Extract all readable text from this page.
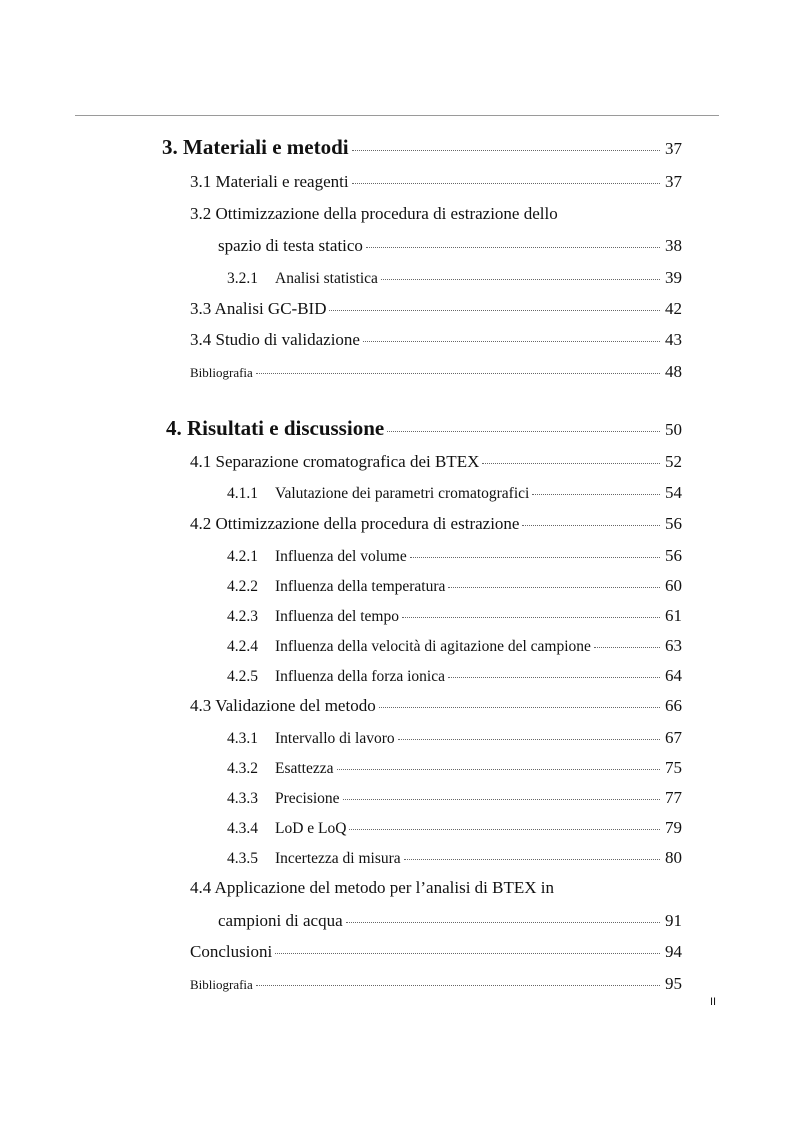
3. Materiali e metodi	37
3.1 Materiali e reagenti	37
3.2 Ottimizzazione della procedura di estrazione dello
spazio di testa statico	38
3.2.1 Analisi statistica	39
3.3 Analisi GC-BID	42
3.4 Studio di validazione	43
Bibliografia	48
4. Risultati e discussione	50
4.1 Separazione cromatografica dei BTEX	52
4.1.1 Valutazione dei parametri cromatografici	54
4.2 Ottimizzazione della procedura di estrazione	56
4.2.1 Influenza del volume	56
4.2.2 Influenza della temperatura	60
4.2.3 Influenza del tempo	61
4.2.4 Influenza della velocità di agitazione del campione	63
4.2.5 Influenza della forza ionica	64
4.3 Validazione del metodo	66
4.3.1 Intervallo di lavoro	67
4.3.2 Esattezza	75
4.3.3 Precisione	77
4.3.4 LoD e LoQ	79
4.3.5 Incertezza di misura	80
4.4 Applicazione del metodo per l’analisi di BTEX in
campioni di acqua	91
Conclusioni	94
Bibliografia	95
II
